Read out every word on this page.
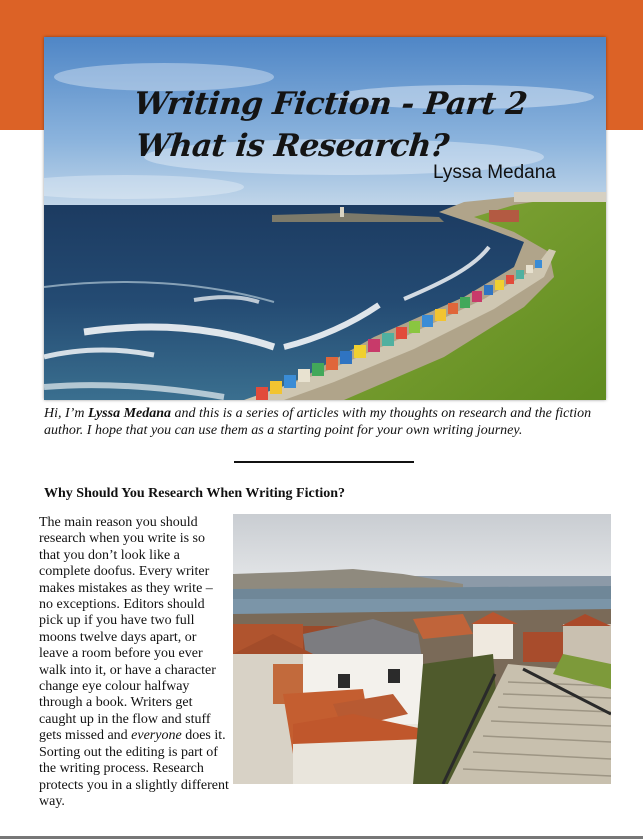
Writing Fiction - Part 2
What is Research?
Lyssa Medana

Hi, I’m Lyssa Medana and this is a series of articles with my thoughts on research and the fiction author. I hope that you can use them as a starting point for your own writing journey.

Why Should You Research When Writing Fiction?

The main reason you should research when you write is so that you don’t look like a complete doofus. Every writer makes mistakes as they write – no exceptions. Editors should pick up if you have two full moons twelve days apart, or leave a room before you ever walk into it, or have a character change eye colour halfway through a book. Writers get caught up in the flow and stuff gets missed and everyone does it. Sorting out the editing is part of the writing process. Research protects you in a slightly different way.
